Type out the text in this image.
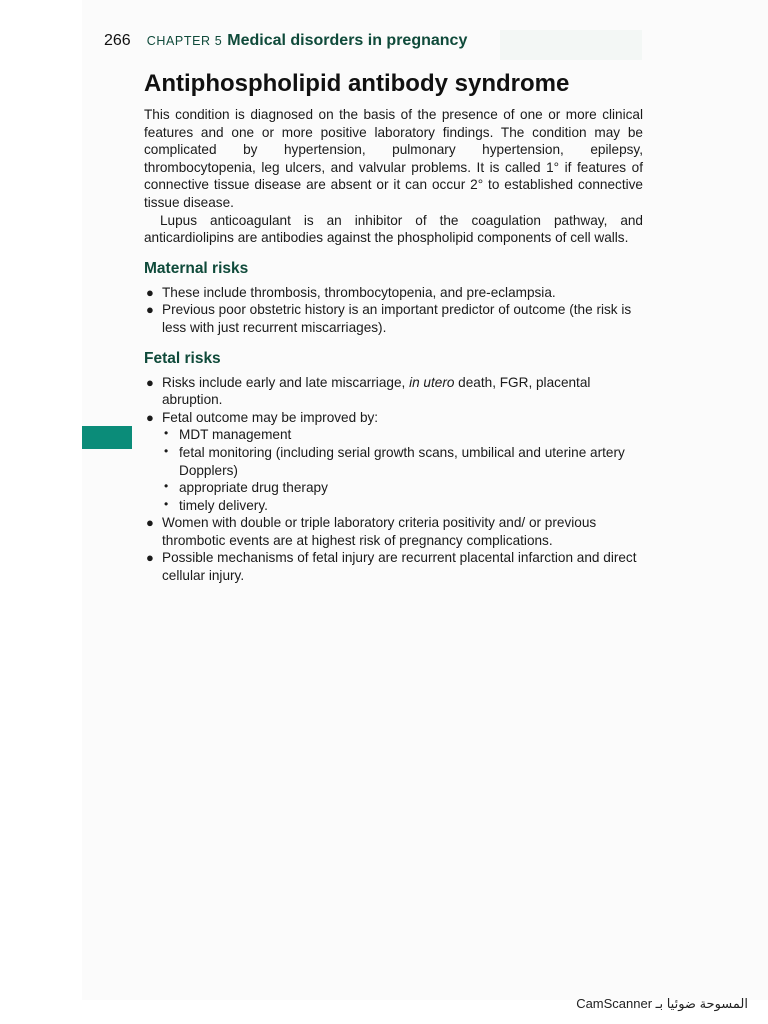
266 CHAPTER 5 Medical disorders in pregnancy
Antiphospholipid antibody syndrome

This condition is diagnosed on the basis of the presence of one or more clinical features and one or more positive laboratory findings. The condition may be complicated by hypertension, pulmonary hypertension, epilepsy, thrombocytopenia, leg ulcers, and valvular problems. It is called 1° if features of connective tissue disease are absent or it can occur 2° to established connective tissue disease.

Lupus anticoagulant is an inhibitor of the coagulation pathway, and anticardiolipins are antibodies against the phospholipid components of cell walls.

Maternal risks
● These include thrombosis, thrombocytopenia, and pre-eclampsia.
● Previous poor obstetric history is an important predictor of outcome (the risk is less with just recurrent miscarriages).
Fetal risks
● Risks include early and late miscarriage, in utero death, FGR, placental abruption.
● Fetal outcome may be improved by:
• MDT management
• fetal monitoring (including serial growth scans, umbilical and uterine artery Dopplers)
• appropriate drug therapy
• timely delivery.
● Women with double or triple laboratory criteria positivity and/ or previous thrombotic events are at highest risk of pregnancy complications.
● Possible mechanisms of fetal injury are recurrent placental infarction and direct cellular injury.
CamScanner المسوحة ضوئيا بـ
